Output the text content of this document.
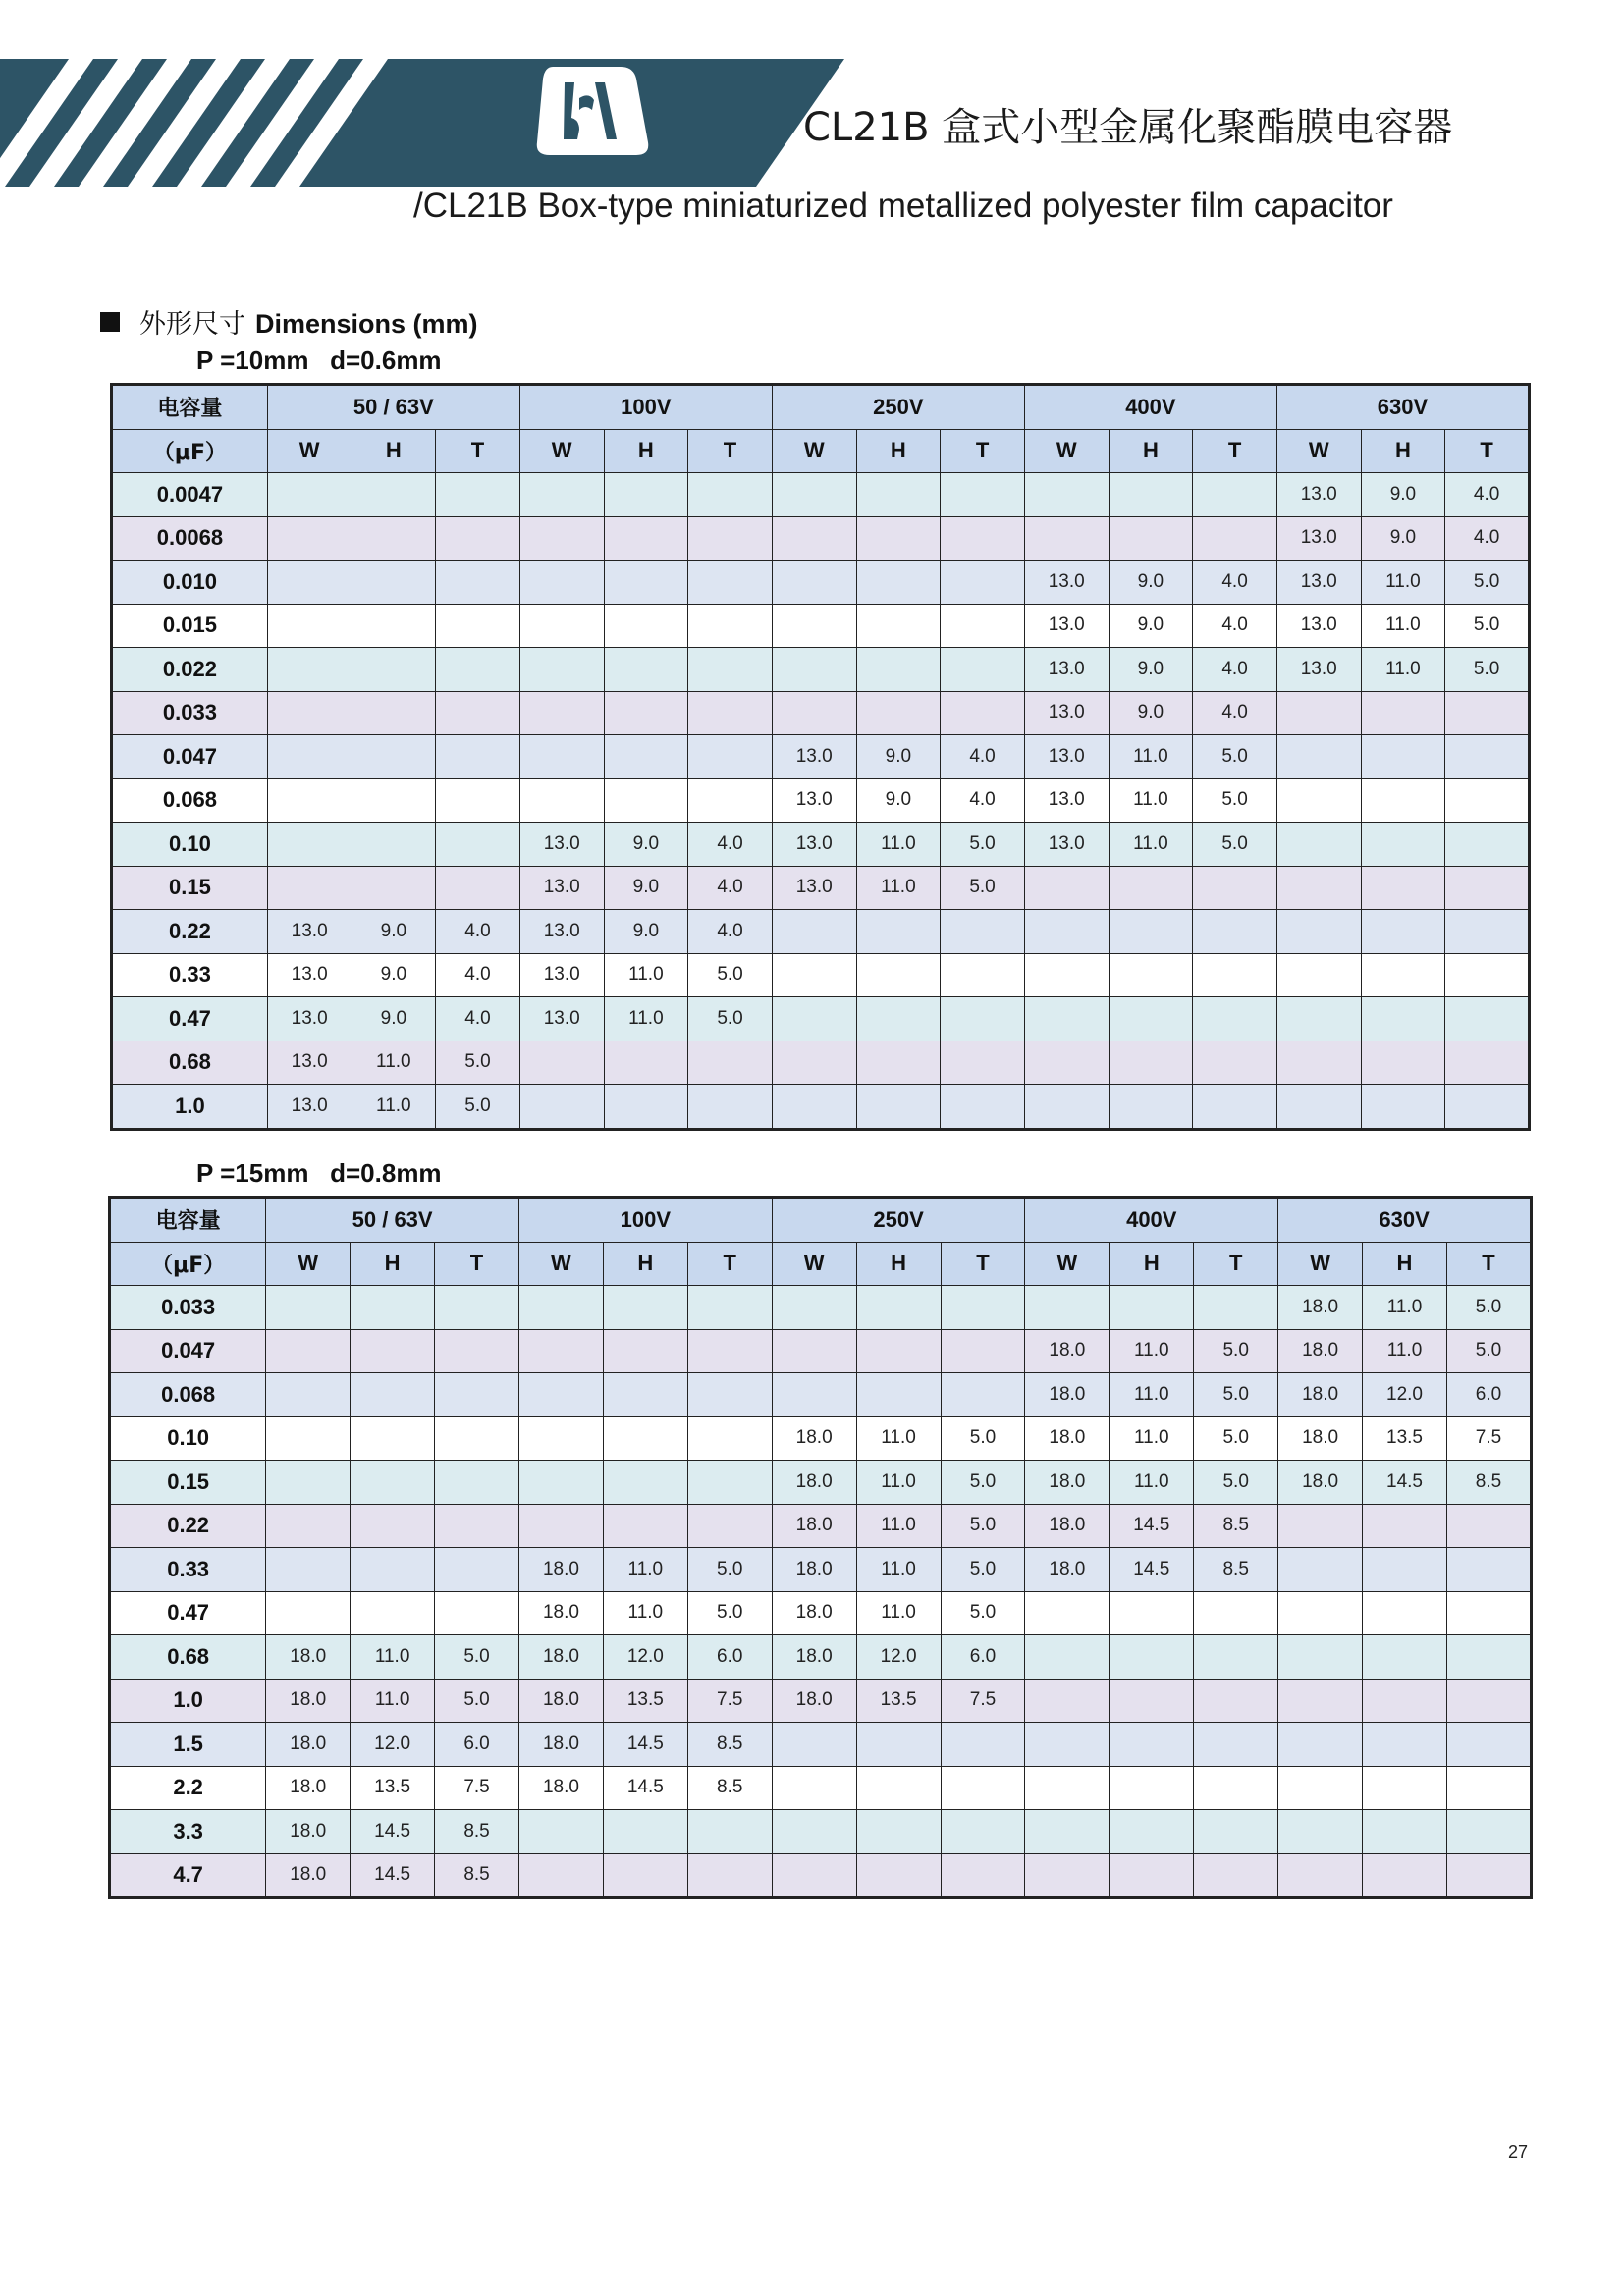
CL21B 盒式小型金属化聚酯膜电容器
/CL21B Box-type miniaturized metallized polyester film capacitor
外形尺寸 Dimensions (mm)
P =10mm   d=0.6mm
电容量	50 / 63V			100V			250V			400V			630V		
（μF）	W	H	T	W	H	T	W	H	T	W	H	T	W	H	T
0.0047													13.0	9.0	4.0
0.0068													13.0	9.0	4.0
0.010										13.0	9.0	4.0	13.0	11.0	5.0
0.015										13.0	9.0	4.0	13.0	11.0	5.0
0.022										13.0	9.0	4.0	13.0	11.0	5.0
0.033										13.0	9.0	4.0			
0.047							13.0	9.0	4.0	13.0	11.0	5.0			
0.068							13.0	9.0	4.0	13.0	11.0	5.0			
0.10				13.0	9.0	4.0	13.0	11.0	5.0	13.0	11.0	5.0			
0.15				13.0	9.0	4.0	13.0	11.0	5.0						
0.22	13.0	9.0	4.0	13.0	9.0	4.0									
0.33	13.0	9.0	4.0	13.0	11.0	5.0									
0.47	13.0	9.0	4.0	13.0	11.0	5.0									
0.68	13.0	11.0	5.0												
1.0	13.0	11.0	5.0												
P =15mm   d=0.8mm
电容量	50 / 63V			100V			250V			400V			630V		
（μF）	W	H	T	W	H	T	W	H	T	W	H	T	W	H	T
0.033													18.0	11.0	5.0
0.047										18.0	11.0	5.0	18.0	11.0	5.0
0.068										18.0	11.0	5.0	18.0	12.0	6.0
0.10							18.0	11.0	5.0	18.0	11.0	5.0	18.0	13.5	7.5
0.15							18.0	11.0	5.0	18.0	11.0	5.0	18.0	14.5	8.5
0.22							18.0	11.0	5.0	18.0	14.5	8.5			
0.33				18.0	11.0	5.0	18.0	11.0	5.0	18.0	14.5	8.5			
0.47				18.0	11.0	5.0	18.0	11.0	5.0						
0.68	18.0	11.0	5.0	18.0	12.0	6.0	18.0	12.0	6.0						
1.0	18.0	11.0	5.0	18.0	13.5	7.5	18.0	13.5	7.5						
1.5	18.0	12.0	6.0	18.0	14.5	8.5									
2.2	18.0	13.5	7.5	18.0	14.5	8.5									
3.3	18.0	14.5	8.5												
4.7	18.0	14.5	8.5												
27
